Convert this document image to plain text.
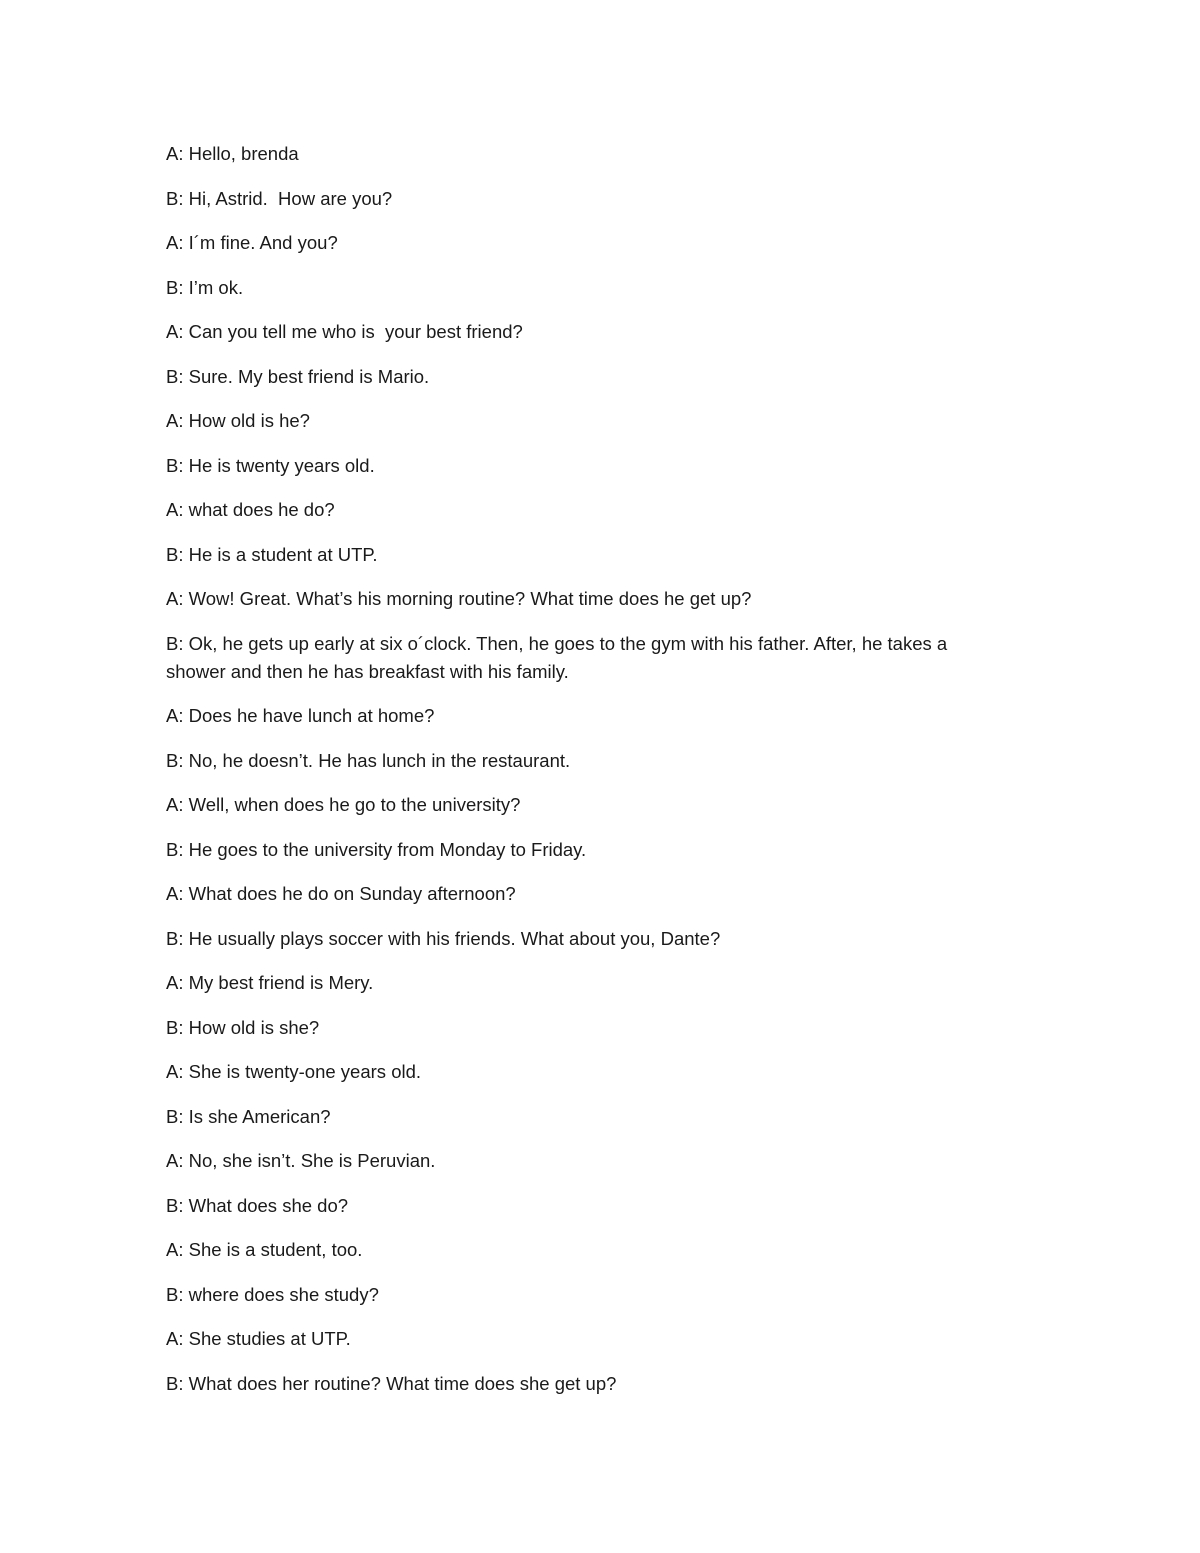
A: Hello, brenda

B: Hi, Astrid.  How are you?

A: I´m fine. And you?

B: I’m ok.

A: Can you tell me who is  your best friend?

B: Sure. My best friend is Mario.

A: How old is he?

B: He is twenty years old.

A: what does he do?

B: He is a student at UTP.

A: Wow! Great. What’s his morning routine? What time does he get up?

B: Ok, he gets up early at six o´clock. Then, he goes to the gym with his father. After, he takes a shower and then he has breakfast with his family.

A: Does he have lunch at home?

B: No, he doesn’t. He has lunch in the restaurant.

A: Well, when does he go to the university?

B: He goes to the university from Monday to Friday.

A: What does he do on Sunday afternoon?

B: He usually plays soccer with his friends. What about you, Dante?

A: My best friend is Mery.

B: How old is she?

A: She is twenty-one years old.

B: Is she American?

A: No, she isn’t. She is Peruvian.

B: What does she do?

A: She is a student, too.

B: where does she study?

A: She studies at UTP.

B: What does her routine? What time does she get up?
